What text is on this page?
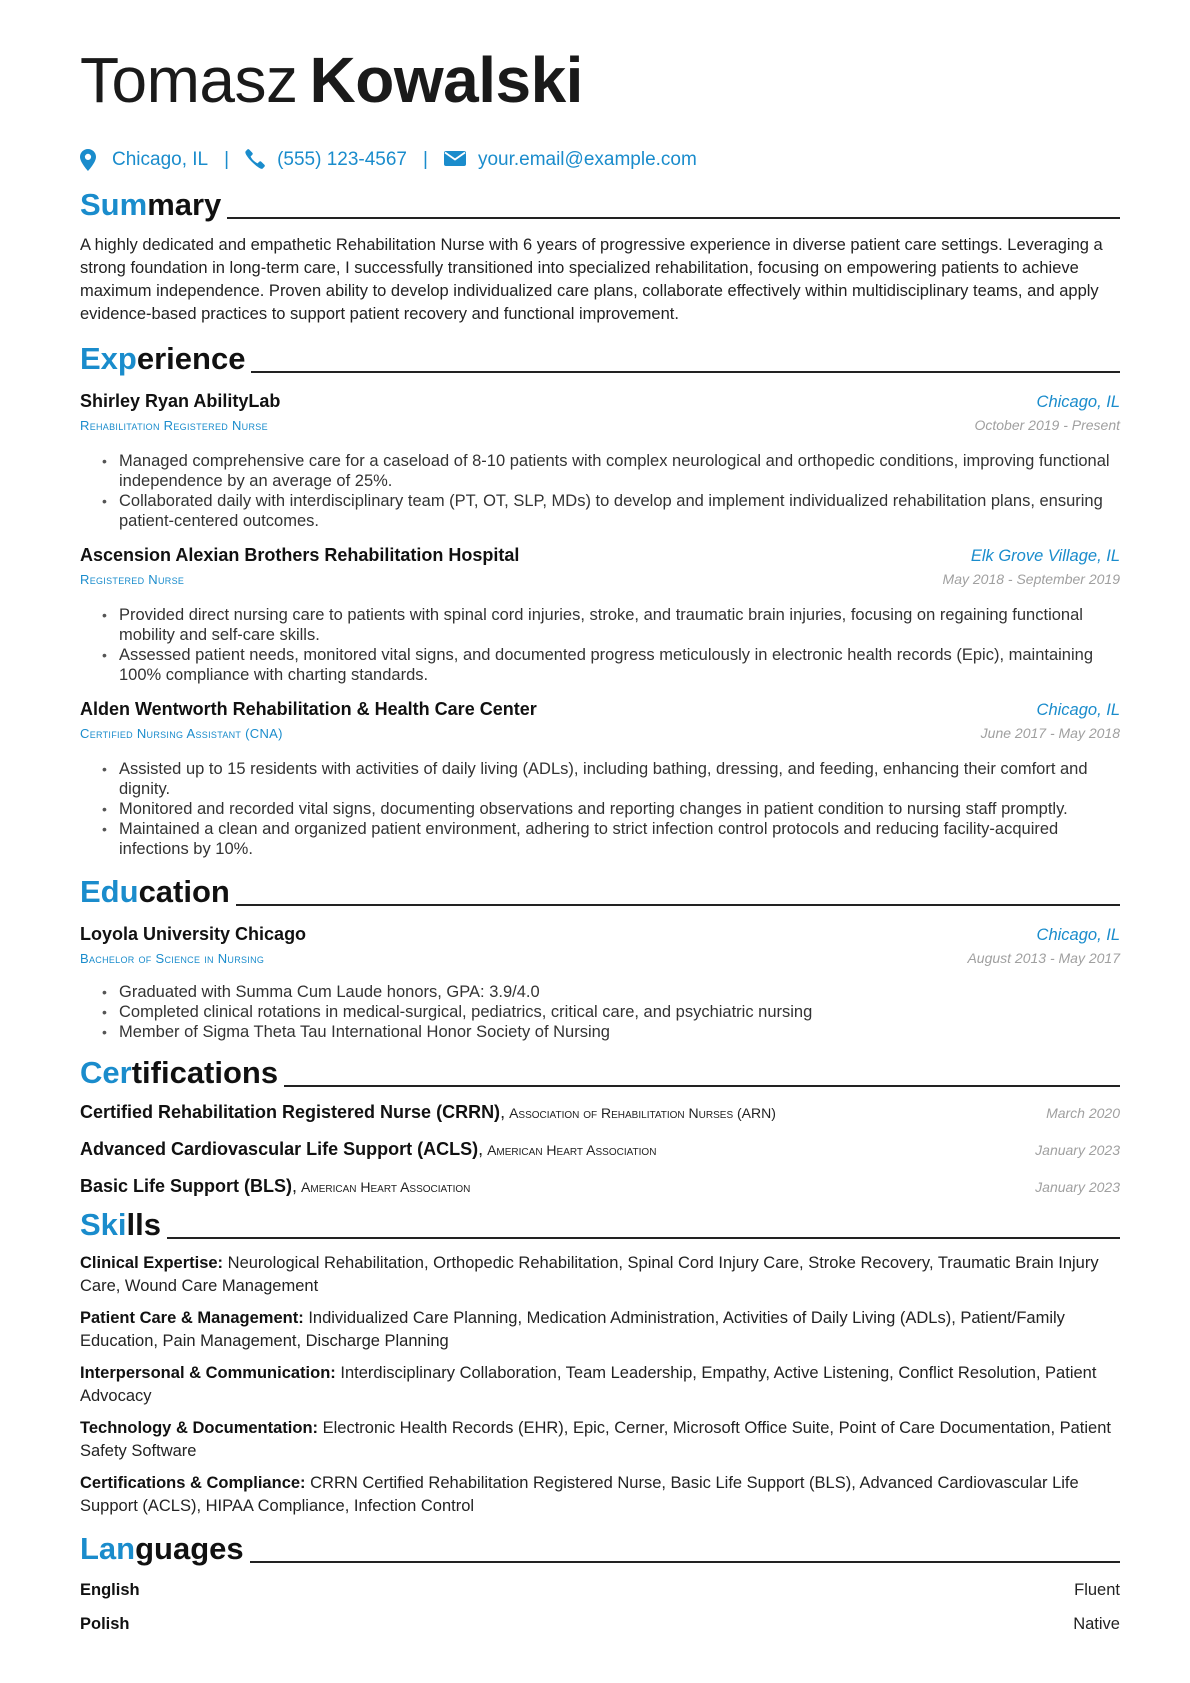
Tomasz Kowalski
Chicago, IL |	(555) 123-4567 |	your.email@example.com
Sum mary
A highly dedicated and empathetic Rehabilitation Nurse with 6 years of progressive experience in diverse patient care settings. Leveraging a strong foundation in long-term care, I successfully transitioned into specialized rehabilitation, focusing on empowering patients to achieve maximum independence. Proven ability to develop individualized care plans, collaborate effectively within multidisciplinary teams, and apply evidence-based practices to support patient recovery and functional improvement.
Exp erience
Shirley Ryan AbilityLab	Chicago, IL
Rehabilitation Registered Nurse	October 2019 - Present
• Managed comprehensive care for a caseload of 8-10 patients with complex neurological and orthopedic conditions, improving functional independence by an average of 25%.
• Collaborated daily with interdisciplinary team (PT, OT, SLP, MDs) to develop and implement individualized rehabilitation plans, ensuring patient-centered outcomes.
Ascension Alexian Brothers Rehabilitation Hospital	Elk Grove Village, IL
Registered Nurse	May 2018 - September 2019
• Provided direct nursing care to patients with spinal cord injuries, stroke, and traumatic brain injuries, focusing on regaining functional mobility and self-care skills.
• Assessed patient needs, monitored vital signs, and documented progress meticulously in electronic health records (Epic), maintaining 100% compliance with charting standards.
Alden Wentworth Rehabilitation & Health Care Center	Chicago, IL
Certified Nursing Assistant (CNA)	June 2017 - May 2018
• Assisted up to 15 residents with activities of daily living (ADLs), including bathing, dressing, and feeding, enhancing their comfort and dignity.
• Monitored and recorded vital signs, documenting observations and reporting changes in patient condition to nursing staff promptly.
• Maintained a clean and organized patient environment, adhering to strict infection control protocols and reducing facility-acquired infections by 10%.
Edu cation
Loyola University Chicago	Chicago, IL
Bachelor of Science in Nursing	August 2013 - May 2017
• Graduated with Summa Cum Laude honors, GPA: 3.9/4.0
• Completed clinical rotations in medical-surgical, pediatrics, critical care, and psychiatric nursing
• Member of Sigma Theta Tau International Honor Society of Nursing
Cer tifications
Certified Rehabilitation Registered Nurse (CRRN), Association of Rehabilitation Nurses (ARN)	March 2020
Advanced Cardiovascular Life Support (ACLS), American Heart Association	January 2023
Basic Life Support (BLS), American Heart Association	January 2023
Ski lls
Clinical Expertise: Neurological Rehabilitation, Orthopedic Rehabilitation, Spinal Cord Injury Care, Stroke Recovery, Traumatic Brain Injury Care, Wound Care Management
Patient Care & Management: Individualized Care Planning, Medication Administration, Activities of Daily Living (ADLs), Patient/Family Education, Pain Management, Discharge Planning
Interpersonal & Communication: Interdisciplinary Collaboration, Team Leadership, Empathy, Active Listening, Conflict Resolution, Patient Advocacy
Technology & Documentation: Electronic Health Records (EHR), Epic, Cerner, Microsoft Office Suite, Point of Care Documentation, Patient Safety Software
Certifications & Compliance: CRRN Certified Rehabilitation Registered Nurse, Basic Life Support (BLS), Advanced Cardiovascular Life Support (ACLS), HIPAA Compliance, Infection Control
Lan guages
English	Fluent
Polish	Native
